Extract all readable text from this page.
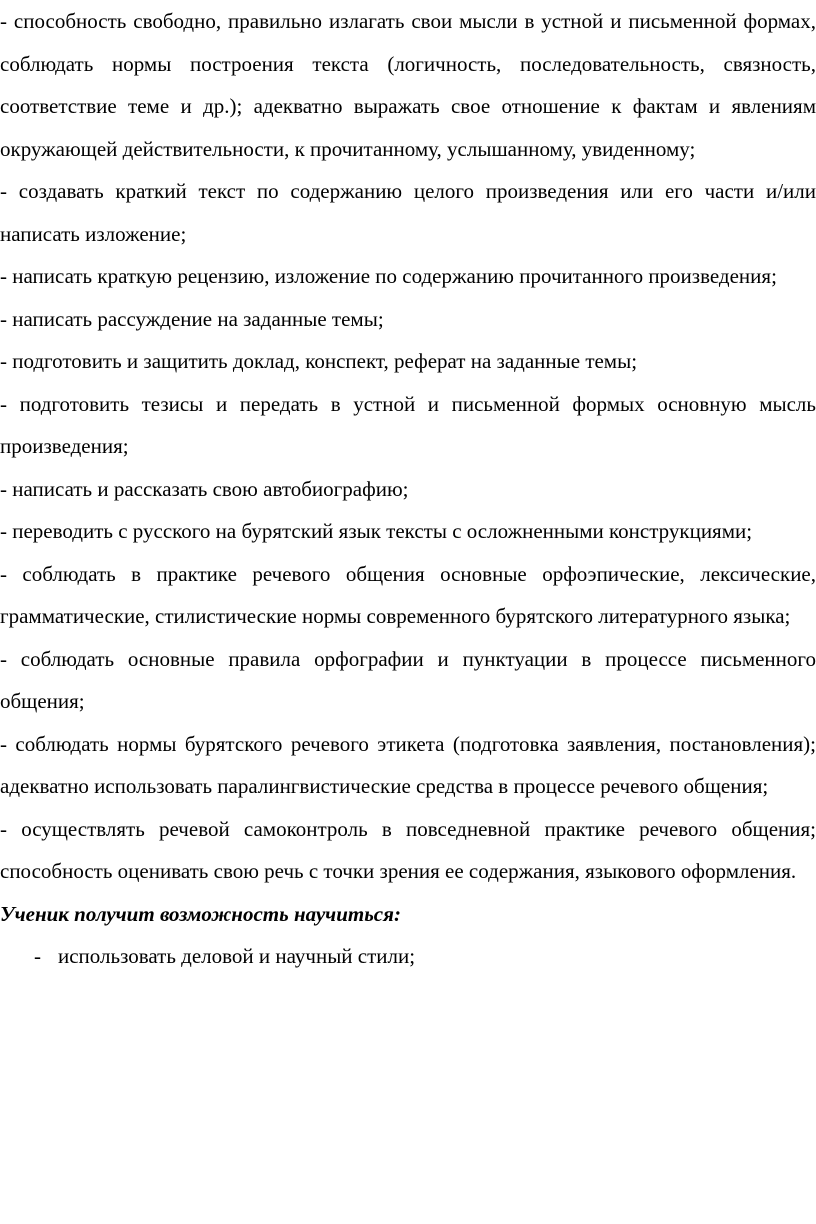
- способность свободно, правильно излагать свои мысли в устной и письменной формах, соблюдать нормы построения текста (логичность, последовательность, связность, соответствие теме и др.); адекватно выражать свое отношение к фактам и явлениям окружающей действительности, к прочитанному, услышанному, увиденному;

- создавать краткий текст по содержанию целого произведения или его части и/или написать изложение;

- написать краткую рецензию, изложение по содержанию прочитанного произведения;

- написать рассуждение на заданные темы;

- подготовить и защитить доклад, конспект, реферат на заданные темы;

- подготовить тезисы и передать в устной и письменной формых основную мысль произведения;

- написать и рассказать свою автобиографию;

- переводить с русского на бурятский язык тексты с осложненными конструкциями;

- соблюдать в практике речевого общения основные орфоэпические, лексические, грамматические, стилистические нормы современного бурятского литературного языка;

- соблюдать основные правила орфографии и пунктуации в процессе письменного общения;

- соблюдать нормы бурятского речевого этикета (подготовка заявления, постановления); адекватно использовать паралингвистические средства в процессе речевого общения;

- осуществлять речевой самоконтроль в повседневной практике речевого общения; способность оценивать свою речь с точки зрения ее содержания, языкового оформления.

Ученик получит возможность научиться:

- использовать деловой и научный стили;
